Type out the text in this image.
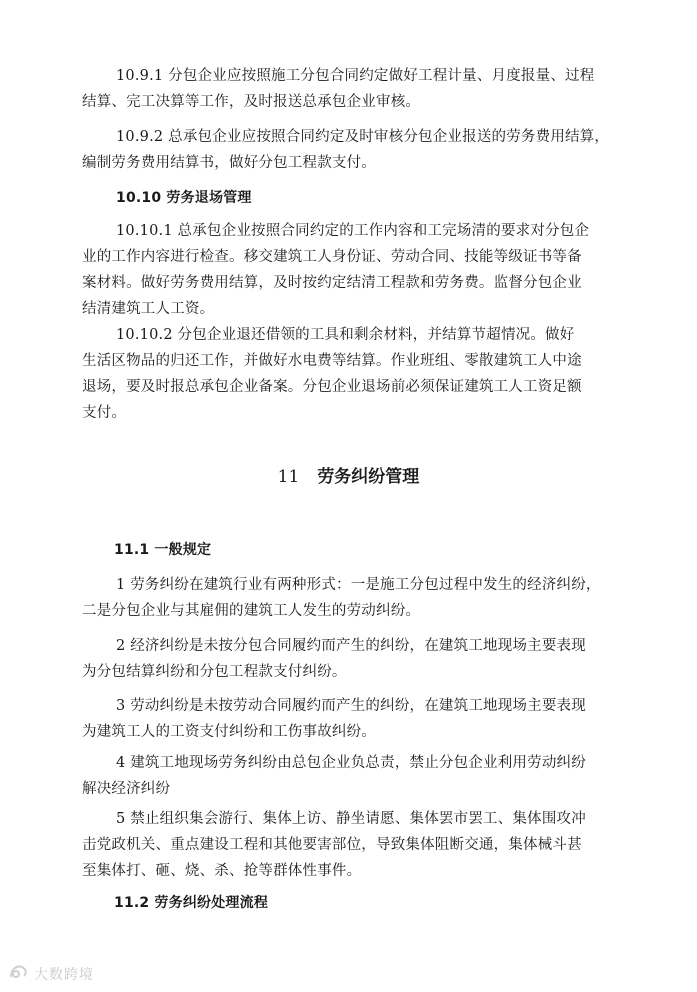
10.9.1 分包企业应按照施工分包合同约定做好工程计量、月度报量、过程
结算、完工决算等工作，及时报送总承包企业审核。
10.9.2 总承包企业应按照合同约定及时审核分包企业报送的劳务费用结算，
编制劳务费用结算书，做好分包工程款支付。
10.10 劳务退场管理
10.10.1 总承包企业按照合同约定的工作内容和工完场清的要求对分包企
业的工作内容进行检查。移交建筑工人身份证、劳动合同、技能等级证书等备
案材料。做好劳务费用结算，及时按约定结清工程款和劳务费。监督分包企业
结清建筑工人工资。
10.10.2 分包企业退还借领的工具和剩余材料，并结算节超情况。做好
生活区物品的归还工作，并做好水电费等结算。作业班组、零散建筑工人中途
退场，要及时报总承包企业备案。分包企业退场前必须保证建筑工人工资足额
支付。
11 劳务纠纷管理
11.1 一般规定
1 劳务纠纷在建筑行业有两种形式：一是施工分包过程中发生的经济纠纷，
二是分包企业与其雇佣的建筑工人发生的劳动纠纷。
2 经济纠纷是未按分包合同履约而产生的纠纷，在建筑工地现场主要表现
为分包结算纠纷和分包工程款支付纠纷。
3 劳动纠纷是未按劳动合同履约而产生的纠纷，在建筑工地现场主要表现
为建筑工人的工资支付纠纷和工伤事故纠纷。
4 建筑工地现场劳务纠纷由总包企业负总责，禁止分包企业利用劳动纠纷
解决经济纠纷
5 禁止组织集会游行、集体上访、静坐请愿、集体罢市罢工、集体围攻冲
击党政机关、重点建设工程和其他要害部位，导致集体阻断交通，集体械斗甚
至集体打、砸、烧、杀、抢等群体性事件。
11.2 劳务纠纷处理流程
大数跨境
